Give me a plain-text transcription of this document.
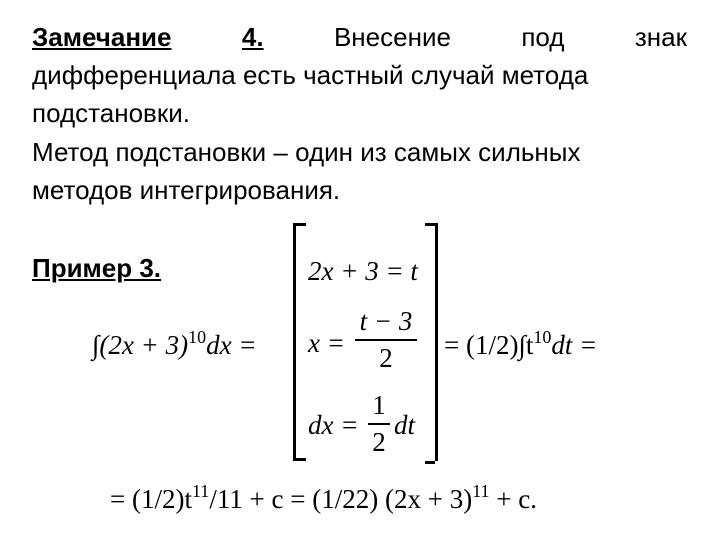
Замечание	4.	Внесение	под	знак
дифференциала есть частный случай метода
подстановки.
Метод подстановки – один из самых сильных
методов интегрирования.
Пример 3.
$\int(2x + 3)^{10}dx$ =
2x + 3 = t
x =
t − 3
2
dx =
1
2
dt
= $(1/2)\int t^{10}dt$ =
= $(1/2)t^{11}/11 + c = (1/22) (2x + 3)^{11} + c$.
